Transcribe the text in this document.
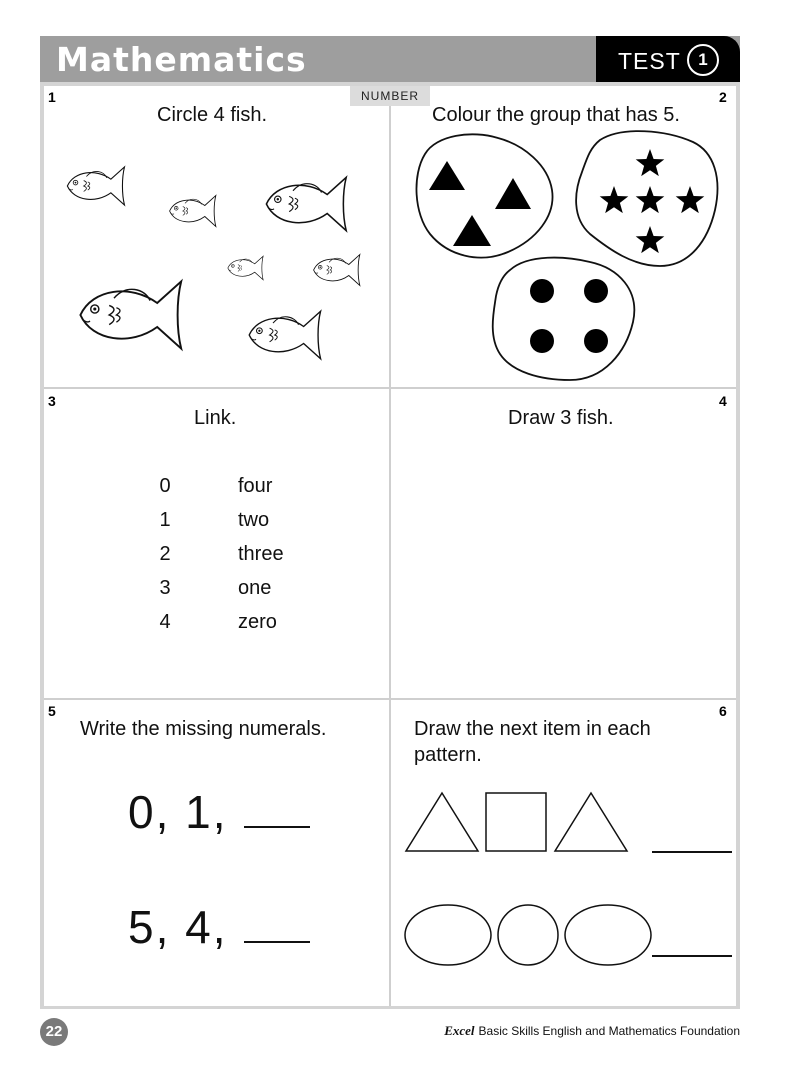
Mathematics	TEST	1
NUMBER
1	2
3	4
5	6
Circle 4 fish.	Colour the group that has 5.
Link.
0	four
1	two
2	three
3	one
4	zero
Draw 3 fish.
Write the missing numerals.
0, 1,
5, 4,
Draw the next item in each
pattern.
22	Excel Basic Skills English and Mathematics Foundation
